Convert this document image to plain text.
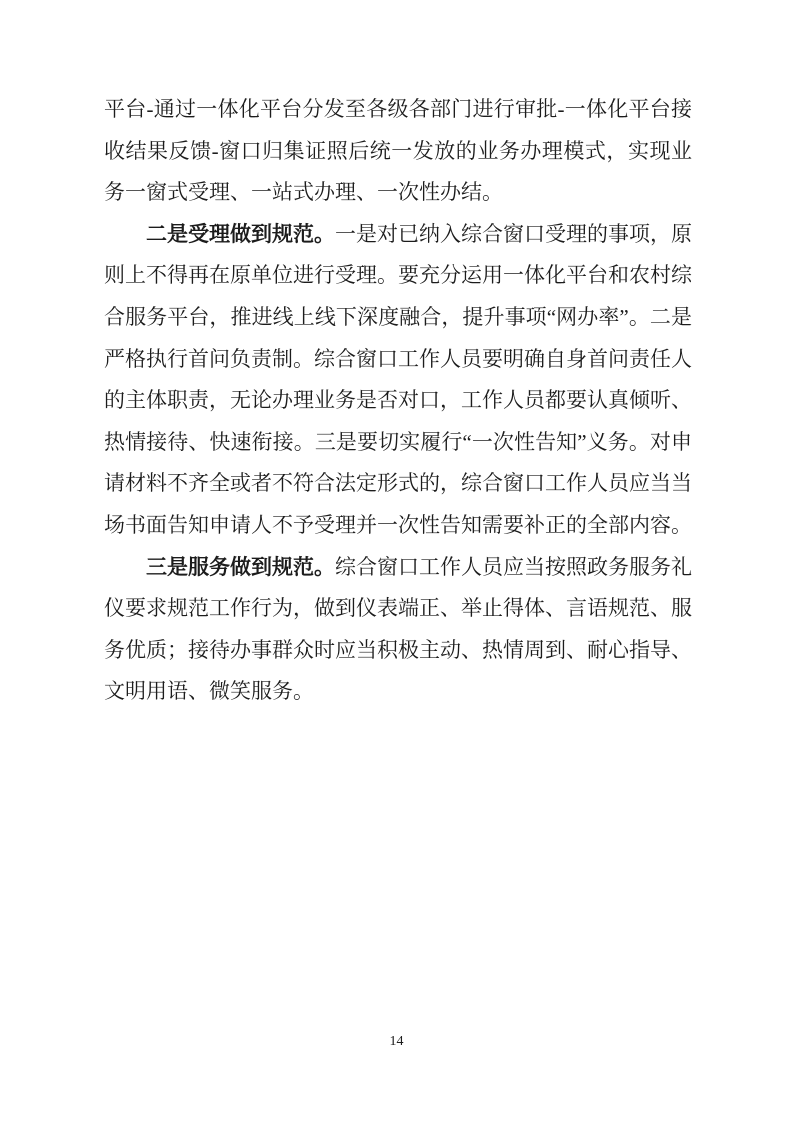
平台-通过一体化平台分发至各级各部门进行审批-一体化平台接收结果反馈-窗口归集证照后统一发放的业务办理模式，实现业务一窗式受理、一站式办理、一次性办结。

二是受理做到规范。一是对已纳入综合窗口受理的事项，原则上不得再在原单位进行受理。要充分运用一体化平台和农村综合服务平台，推进线上线下深度融合，提升事项“网办率”。二是严格执行首问负责制。综合窗口工作人员要明确自身首问责任人的主体职责，无论办理业务是否对口，工作人员都要认真倾听、热情接待、快速衔接。三是要切实履行“一次性告知”义务。对申请材料不齐全或者不符合法定形式的，综合窗口工作人员应当当场书面告知申请人不予受理并一次性告知需要补正的全部内容。

三是服务做到规范。综合窗口工作人员应当按照政务服务礼仪要求规范工作行为，做到仪表端正、举止得体、言语规范、服务优质；接待办事群众时应当积极主动、热情周到、耐心指导、文明用语、微笑服务。

14
